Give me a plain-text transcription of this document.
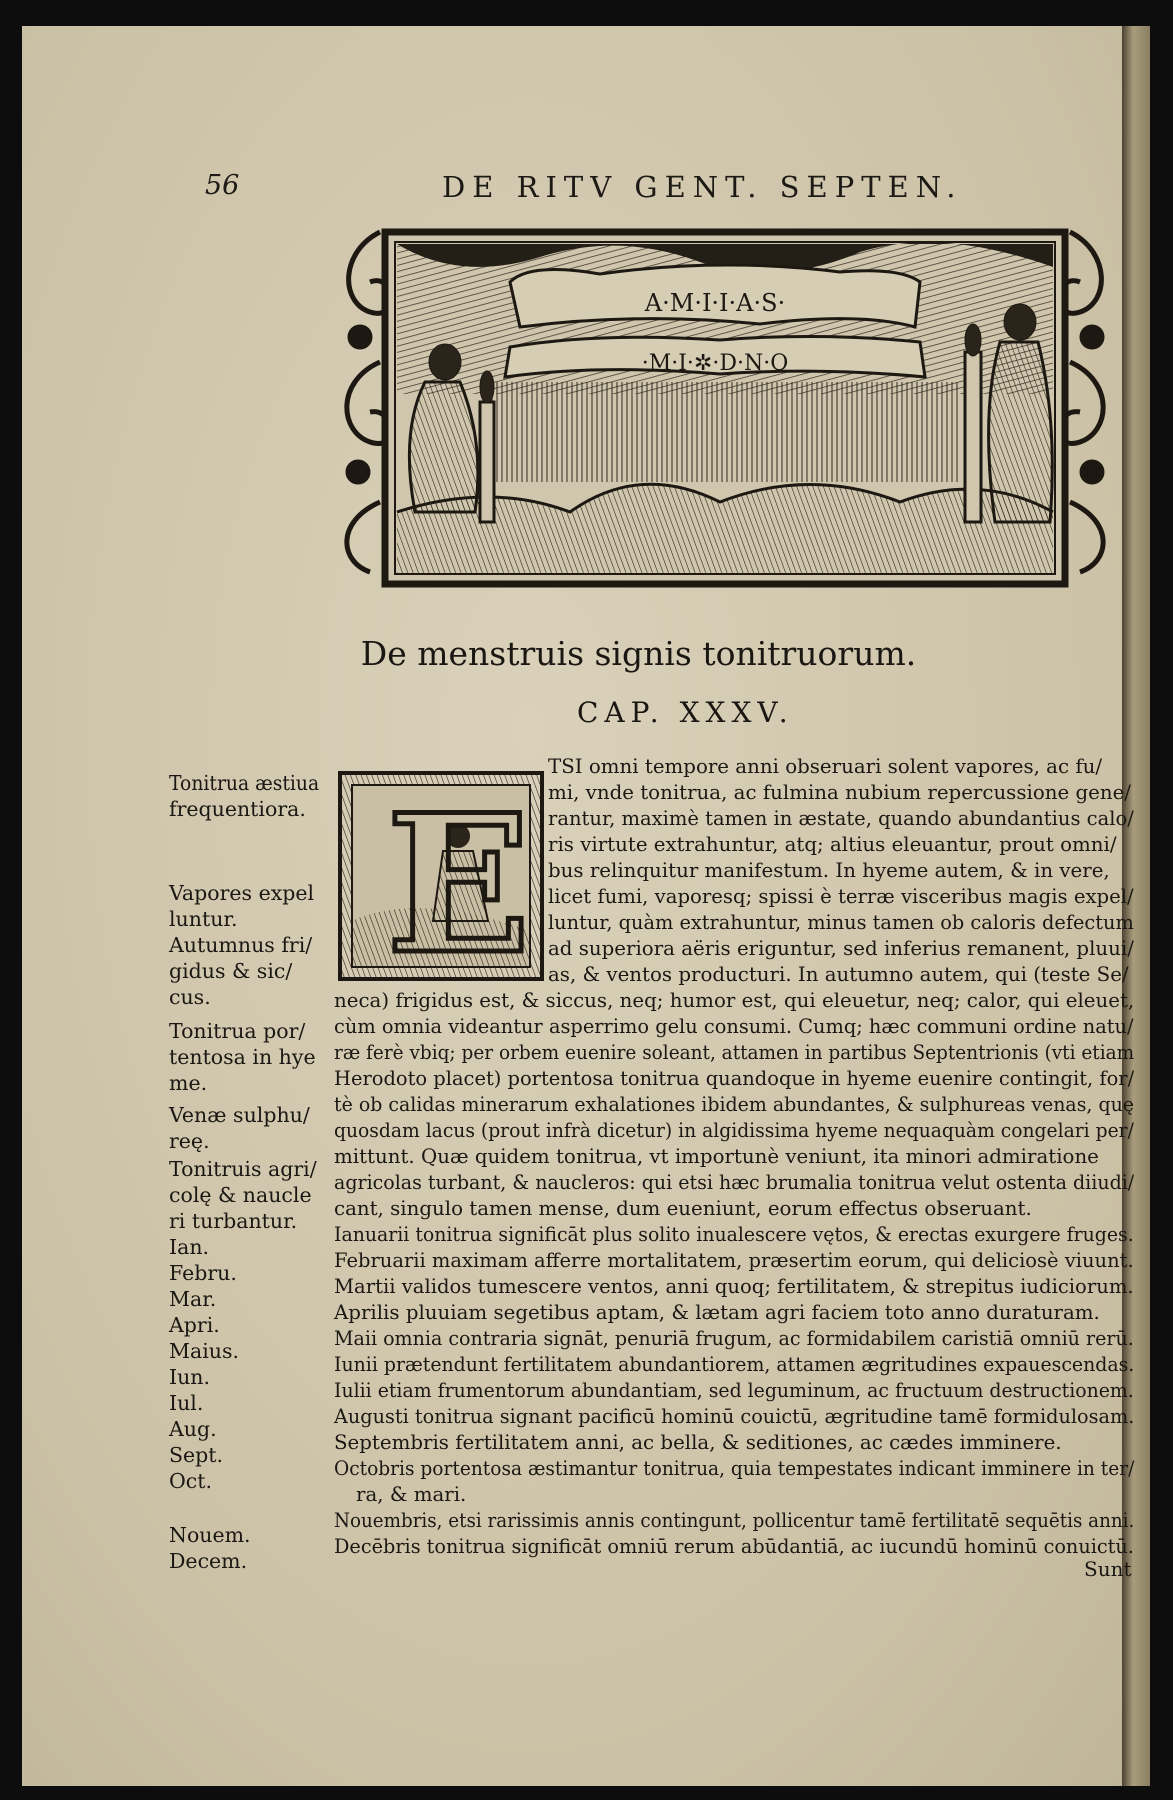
56	DE RITV GENT. SEPTEN.
A·M·I·I·A·S·
·M·I·✲·D·N·O
De menstruis signis tonitruorum.
CAP. XXXV.
E
TSI omni tempore anni obseruari solent vapores, ac fu/
mi, vnde tonitrua, ac fulmina nubium repercussione gene/
rantur, maximè tamen in æstate, quando abundantius calo/
ris virtute extrahuntur, atq; altius eleuantur, prout omni/
bus relinquitur manifestum. In hyeme autem, & in vere,
licet fumi, vaporesq; spissi è terræ visceribus magis expel/
luntur, quàm extrahuntur, minus tamen ob caloris defectum
ad superiora aëris eriguntur, sed inferius remanent, pluui/
as, & ventos producturi. In autumno autem, qui (teste Se/
neca) frigidus est, & siccus, neq; humor est, qui eleuetur, neq; calor, qui eleuet,
cùm omnia videantur asperrimo gelu consumi. Cumq; hæc communi ordine natu/
ræ ferè vbiq; per orbem euenire soleant, attamen in partibus Septentrionis (vti etiam
Herodoto placet) portentosa tonitrua quandoque in hyeme euenire contingit, for/
tè ob calidas minerarum exhalationes ibidem abundantes, & sulphureas venas, quę
quosdam lacus (prout infrà dicetur) in algidissima hyeme nequaquàm congelari per/
mittunt. Quæ quidem tonitrua, vt importunè veniunt, ita minori admiratione
agricolas turbant, & naucleros: qui etsi hæc brumalia tonitrua velut ostenta diiudi/
cant, singulo tamen mense, dum eueniunt, eorum effectus obseruant.
Ianuarii tonitrua significāt plus solito inualescere vętos, & erectas exurgere fruges.
Februarii maximam afferre mortalitatem, præsertim eorum, qui deliciosè viuunt.
Martii validos tumescere ventos, anni quoq; fertilitatem, & strepitus iudiciorum.
Aprilis pluuiam segetibus aptam, & lætam agri faciem toto anno duraturam.
Maii omnia contraria signāt, penuriā frugum, ac formidabilem caristiā omniū rerū.
Iunii prætendunt fertilitatem abundantiorem, attamen ægritudines expauescendas.
Iulii etiam frumentorum abundantiam, sed leguminum, ac fructuum destructionem.
Augusti tonitrua signant pacificū hominū couictū, ægritudine tamē formidulosam.
Septembris fertilitatem anni, ac bella, & seditiones, ac cædes imminere.
Octobris portentosa æstimantur tonitrua, quia tempestates indicant imminere in ter/
ra, & mari.
Nouembris, etsi rarissimis annis contingunt, pollicentur tamē fertilitatē sequētis anni.
Decēbris tonitrua significāt omniū rerum abūdantiā, ac iucundū hominū conuictū.
Tonitrua æstiua
frequentiora.
Vapores expel
luntur.
Autumnus fri/
gidus & sic/
cus.
Tonitrua por/
tentosa in hye
me.
Venæ sulphu/
reę.
Tonitruis agri/
colę & naucle
ri turbantur.
Ian.
Febru.
Mar.
Apri.
Maius.
Iun.
Iul.
Aug.
Sept.
Oct.
Nouem.
Decem.	Sunt
